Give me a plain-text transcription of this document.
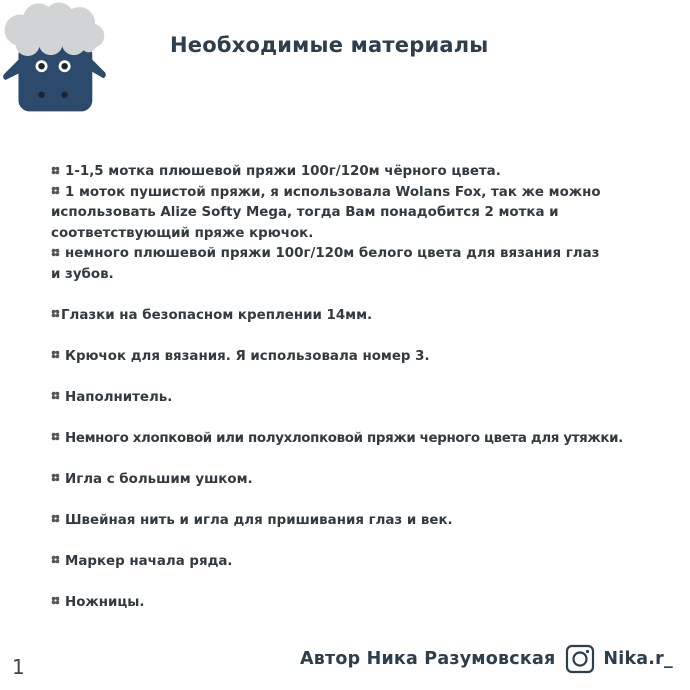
Необходимые материалы
1-1,5 мотка плюшевой пряжи 100г/120м чёрного цвета.
1 моток пушистой пряжи, я использовала Wolans Fox, так же можно
использовать Alize Softy Mega, тогда Вам понадобится 2 мотка и
соответствующий пряже крючок.
немного плюшевой пряжи 100г/120м белого цвета для вязания глаз
и зубов.
Глазки на безопасном креплении 14мм.
Крючок для вязания. Я использовала номер 3.
Наполнитель.
Немного хлопковой или полухлопковой пряжи черного цвета для утяжки.
Игла с большим ушком.
Швейная нить и игла для пришивания глаз и век.
Маркер начала ряда.
Ножницы.
Автор Ника Разумовская	Nika.r_
1
